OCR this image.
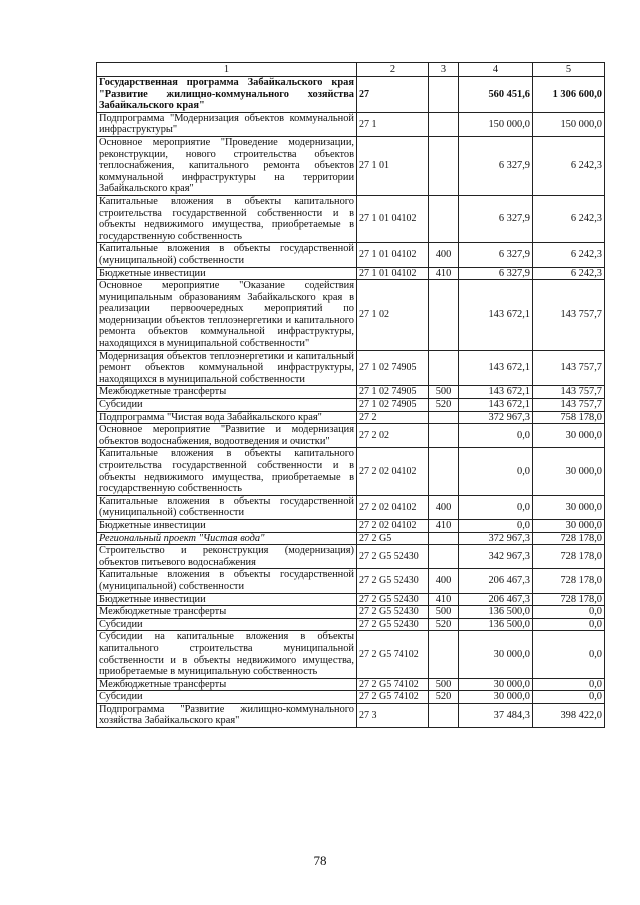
1	2	3	4	5
Государственная программа Забайкальского края "Развитие жилищно-коммунального хозяйства Забайкальского края"	27		560 451,6	1 306 600,0
Подпрограмма "Модернизация объектов коммунальной инфраструктуры"	27 1		150 000,0	150 000,0
Основное мероприятие "Проведение модернизации, реконструкции, нового строительства объектов теплоснабжения, капитального ремонта объектов коммунальной инфраструктуры на территории Забайкальского края"	27 1 01		6 327,9	6 242,3
Капитальные вложения в объекты капитального строительства государственной собственности и в объекты недвижимого имущества, приобретаемые в государственную собственность	27 1 01 04102		6 327,9	6 242,3
Капитальные вложения в объекты государственной (муниципальной) собственности	27 1 01 04102	400	6 327,9	6 242,3
Бюджетные инвестиции	27 1 01 04102	410	6 327,9	6 242,3
Основное мероприятие "Оказание содействия муниципальным образованиям Забайкальского края в реализации первоочередных мероприятий по модернизации объектов теплоэнергетики и капитального ремонта объектов коммунальной инфраструктуры, находящихся в муниципальной собственности"	27 1 02		143 672,1	143 757,7
Модернизация объектов теплоэнергетики и капитальный ремонт объектов коммунальной инфраструктуры, находящихся в муниципальной собственности	27 1 02 74905		143 672,1	143 757,7
Межбюджетные трансферты	27 1 02 74905	500	143 672,1	143 757,7
Субсидии	27 1 02 74905	520	143 672,1	143 757,7
Подпрограмма "Чистая вода Забайкальского края"	27 2		372 967,3	758 178,0
Основное мероприятие "Развитие и модернизация объектов водоснабжения, водоотведения и очистки"	27 2 02		0,0	30 000,0
Капитальные вложения в объекты капитального строительства государственной собственности и в объекты недвижимого имущества, приобретаемые в государственную собственность	27 2 02 04102		0,0	30 000,0
Капитальные вложения в объекты государственной (муниципальной) собственности	27 2 02 04102	400	0,0	30 000,0
Бюджетные инвестиции	27 2 02 04102	410	0,0	30 000,0
Региональный проект "Чистая вода"	27 2 G5		372 967,3	728 178,0
Строительство и реконструкция (модернизация) объектов питьевого водоснабжения	27 2 G5 52430		342 967,3	728 178,0
Капитальные вложения в объекты государственной (муниципальной) собственности	27 2 G5 52430	400	206 467,3	728 178,0
Бюджетные инвестиции	27 2 G5 52430	410	206 467,3	728 178,0
Межбюджетные трансферты	27 2 G5 52430	500	136 500,0	0,0
Субсидии	27 2 G5 52430	520	136 500,0	0,0
Субсидии на капитальные вложения в объекты капитального строительства муниципальной собственности и в объекты недвижимого имущества, приобретаемые в муниципальную собственность	27 2 G5 74102		30 000,0	0,0
Межбюджетные трансферты	27 2 G5 74102	500	30 000,0	0,0
Субсидии	27 2 G5 74102	520	30 000,0	0,0
Подпрограмма "Развитие жилищно-коммунального хозяйства Забайкальского края"	27 3		37 484,3	398 422,0
78
